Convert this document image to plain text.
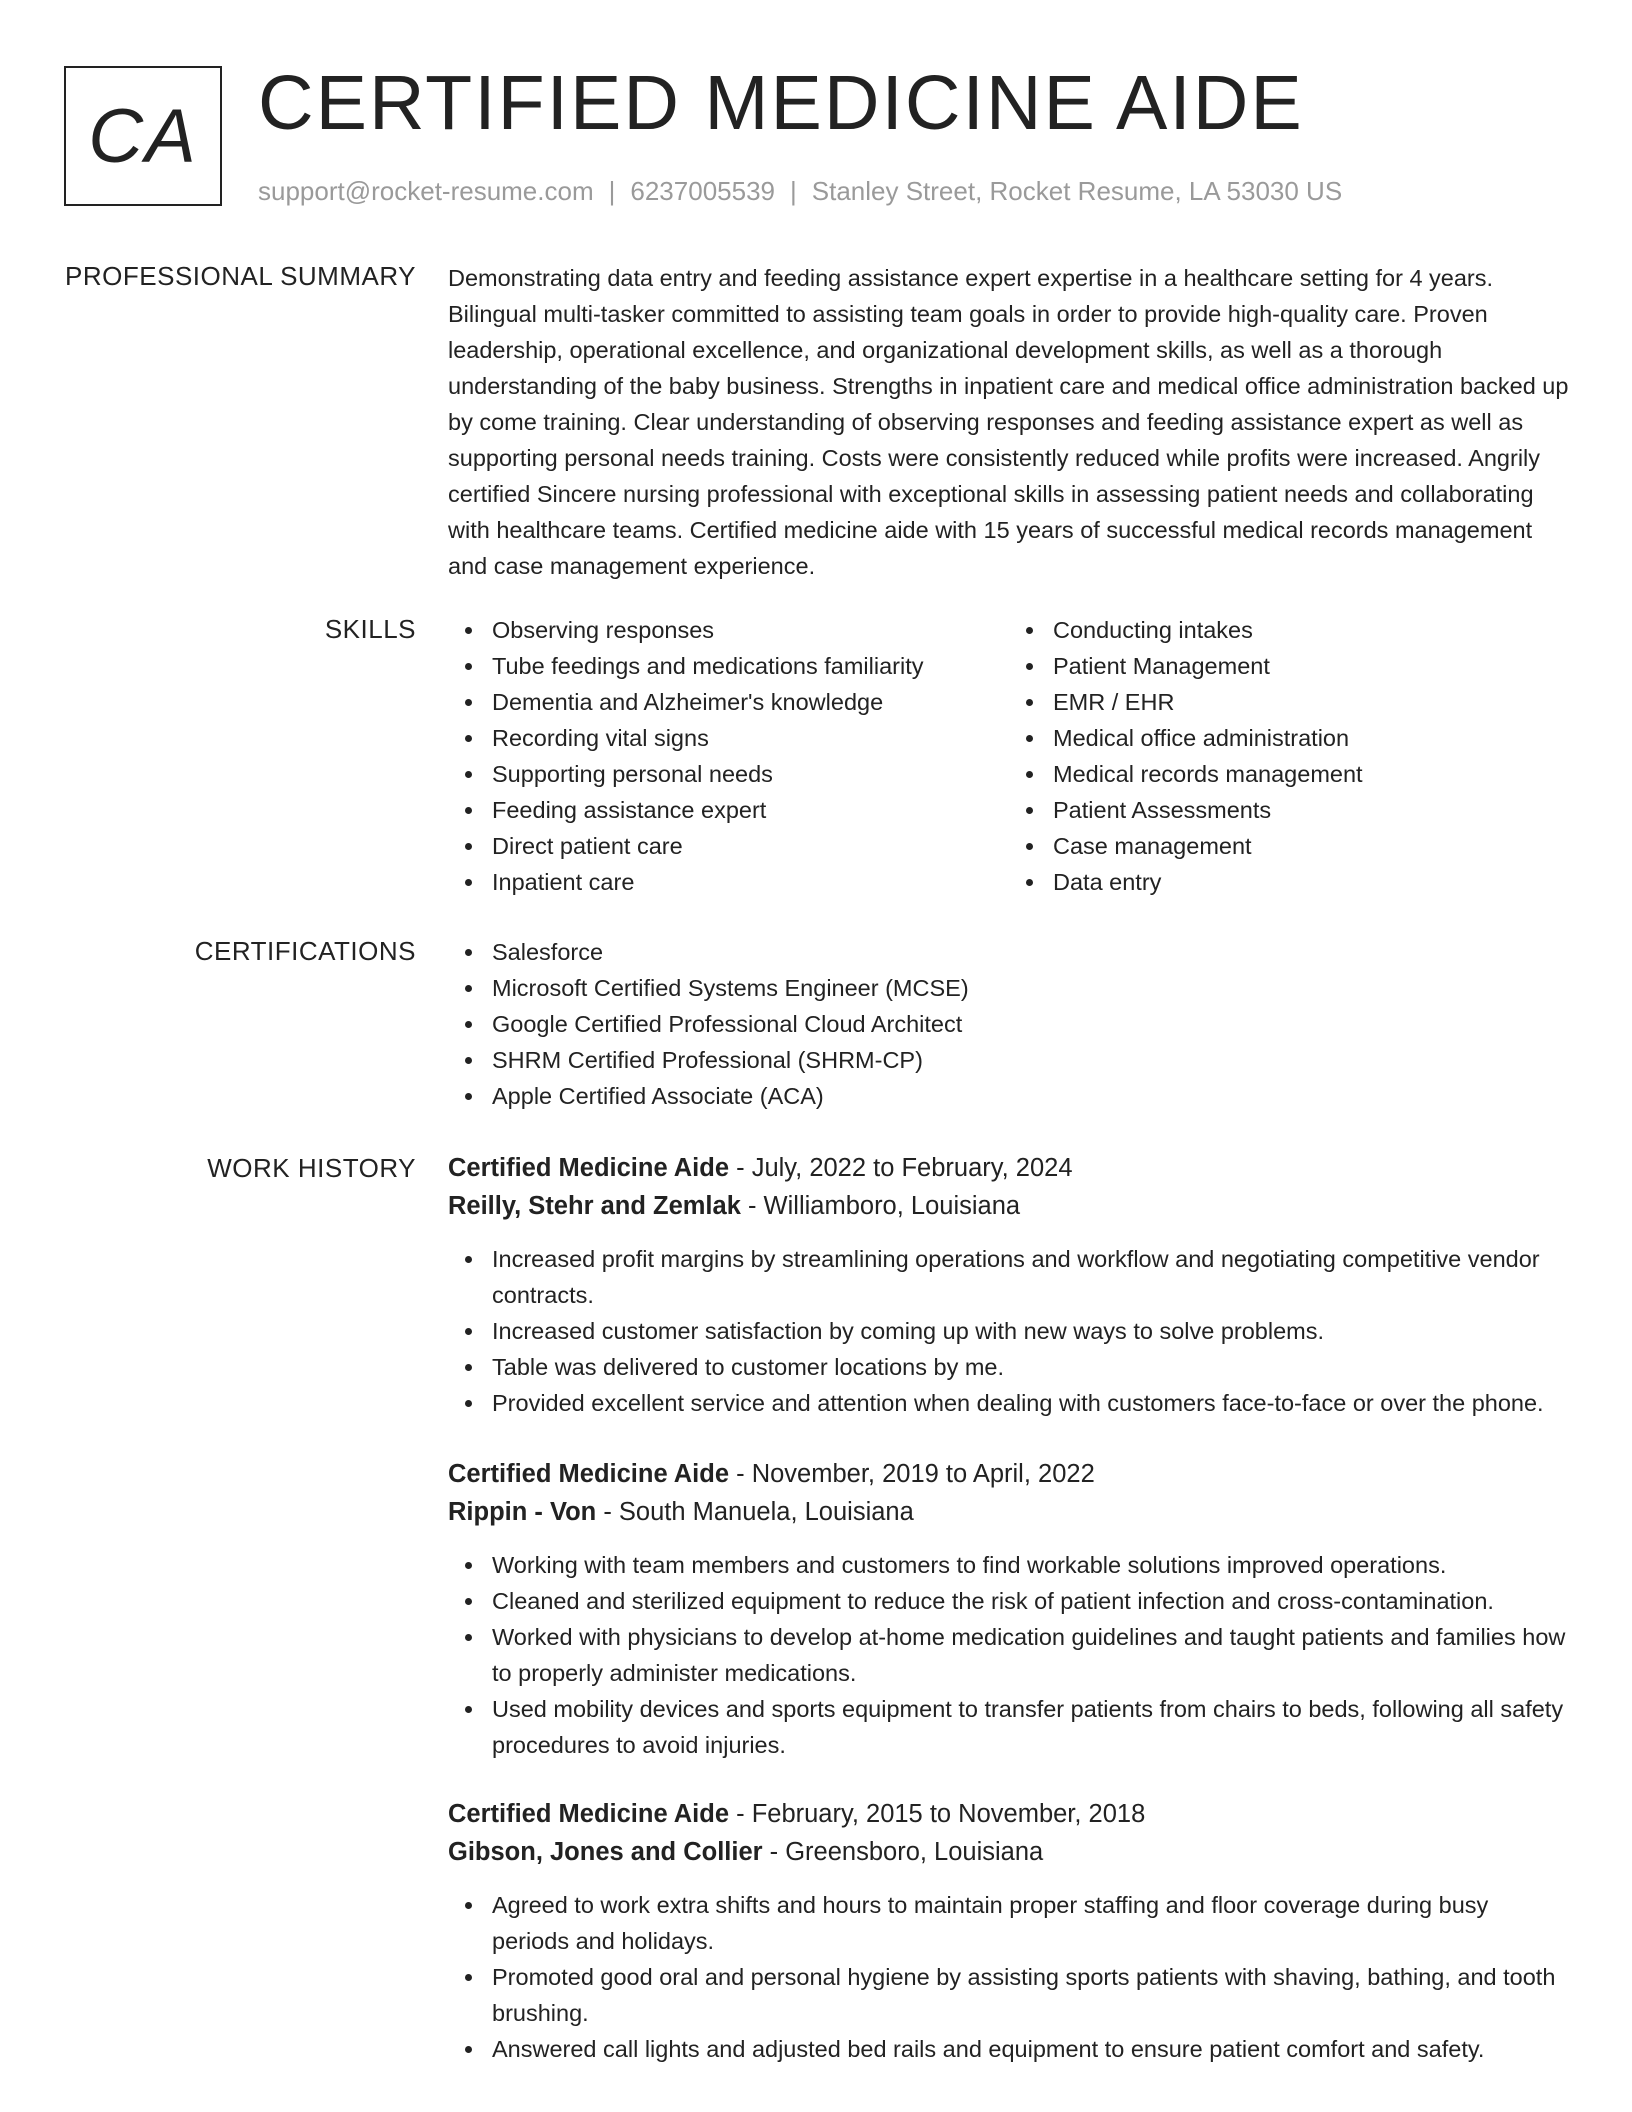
CA CERTIFIED MEDICINE AIDE
support@rocket-resume.com | 6237005539 | Stanley Street, Rocket Resume, LA 53030 US
PROFESSIONAL SUMMARY Demonstrating data entry and feeding assistance expert expertise in a healthcare setting for 4 years. Bilingual multi-tasker committed to assisting team goals in order to provide high-quality care. Proven leadership, operational excellence, and organizational development skills, as well as a thorough understanding of the baby business. Strengths in inpatient care and medical office administration backed up by come training. Clear understanding of observing responses and feeding assistance expert as well as supporting personal needs training. Costs were consistently reduced while profits were increased. Angrily certified Sincere nursing professional with exceptional skills in assessing patient needs and collaborating with healthcare teams. Certified medicine aide with 15 years of successful medical records management and case management experience.

SKILLS	Observing responses
Tube feedings and medications familiarity
Dementia and Alzheimer's knowledge
Recording vital signs
Supporting personal needs
Feeding assistance expert
Direct patient care
Inpatient care
Conducting intakes
Patient Management
EMR / EHR
Medical office administration
Medical records management
Patient Assessments
Case management
Data entry
CERTIFICATIONS	Salesforce
Microsoft Certified Systems Engineer (MCSE)
Google Certified Professional Cloud Architect
SHRM Certified Professional (SHRM-CP)
Apple Certified Associate (ACA)
WORK HISTORY Certified Medicine Aide - July, 2022 to February, 2024
Reilly, Stehr and Zemlak - Williamboro, Louisiana
Increased profit margins by streamlining operations and workflow and negotiating competitive vendor contracts.
Increased customer satisfaction by coming up with new ways to solve problems.
Table was delivered to customer locations by me.
Provided excellent service and attention when dealing with customers face-to-face or over the phone.
Certified Medicine Aide - November, 2019 to April, 2022
Rippin - Von - South Manuela, Louisiana
Working with team members and customers to find workable solutions improved operations.
Cleaned and sterilized equipment to reduce the risk of patient infection and cross-contamination.
Worked with physicians to develop at-home medication guidelines and taught patients and families how to properly administer medications.
Used mobility devices and sports equipment to transfer patients from chairs to beds, following all safety procedures to avoid injuries.
Certified Medicine Aide - February, 2015 to November, 2018
Gibson, Jones and Collier - Greensboro, Louisiana
Agreed to work extra shifts and hours to maintain proper staffing and floor coverage during busy periods and holidays.
Promoted good oral and personal hygiene by assisting sports patients with shaving, bathing, and tooth brushing.
Answered call lights and adjusted bed rails and equipment to ensure patient comfort and safety.
